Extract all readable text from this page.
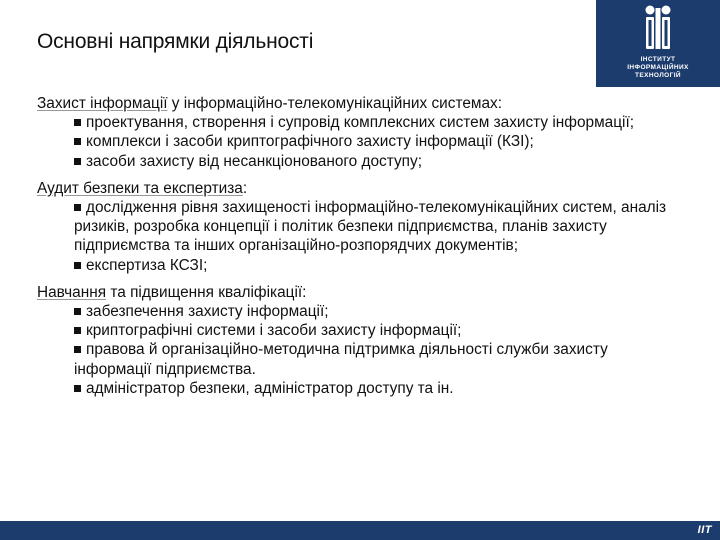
Основні напрямки діяльності
ІНСТИТУТ
ІНФОРМАЦІЙНИХ
ТЕХНОЛОГІЙ

Захист інформації у інформаційно-телекомунікаційних системах:

проектування, створення і супровід комплексних систем захисту інформації;
комплекси і засоби криптографічного захисту інформації (КЗІ);
засоби захисту від несанкціонованого доступу;

Аудит безпеки та експертиза:

дослідження рівня захищеності інформаційно-телекомунікаційних систем, аналіз ризиків, розробка концепції і політик безпеки підприємства, планів захисту підприємства та інших організаційно-розпорядчих документів;
експертиза КСЗІ;

Навчання та підвищення кваліфікації:

забезпечення захисту інформації;
криптографічні системи і засоби захисту інформації;
правова й організаційно-методична підтримка діяльності служби захисту інформації підприємства.
адміністратор безпеки, адміністратор доступу та ін.
IIT
